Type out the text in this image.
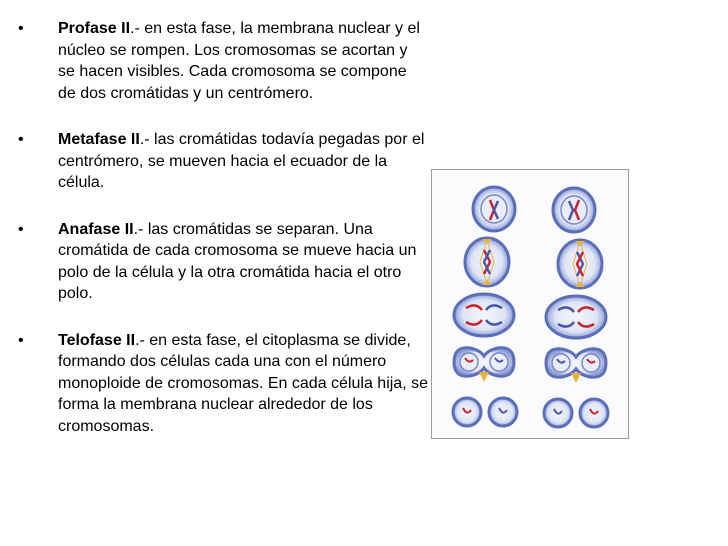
•	Profase II.- en esta fase, la membrana nuclear y el núcleo se rompen. Los cromosomas se acortan y se hacen visibles. Cada cromosoma se compone de dos cromátidas y un centrómero.
•	Metafase II.- las cromátidas todavía pegadas por el centrómero, se mueven hacia el ecuador de la célula.
•	Anafase II.- las cromátidas se separan. Una cromátida de cada cromosoma se mueve hacia un polo de la célula y la otra cromátida hacia el otro polo.
•	Telofase II.- en esta fase, el citoplasma se divide, formando dos células cada una con el número monoploide de cromosomas. En cada célula hija, se forma la membrana nuclear alrededor de los cromosomas.
